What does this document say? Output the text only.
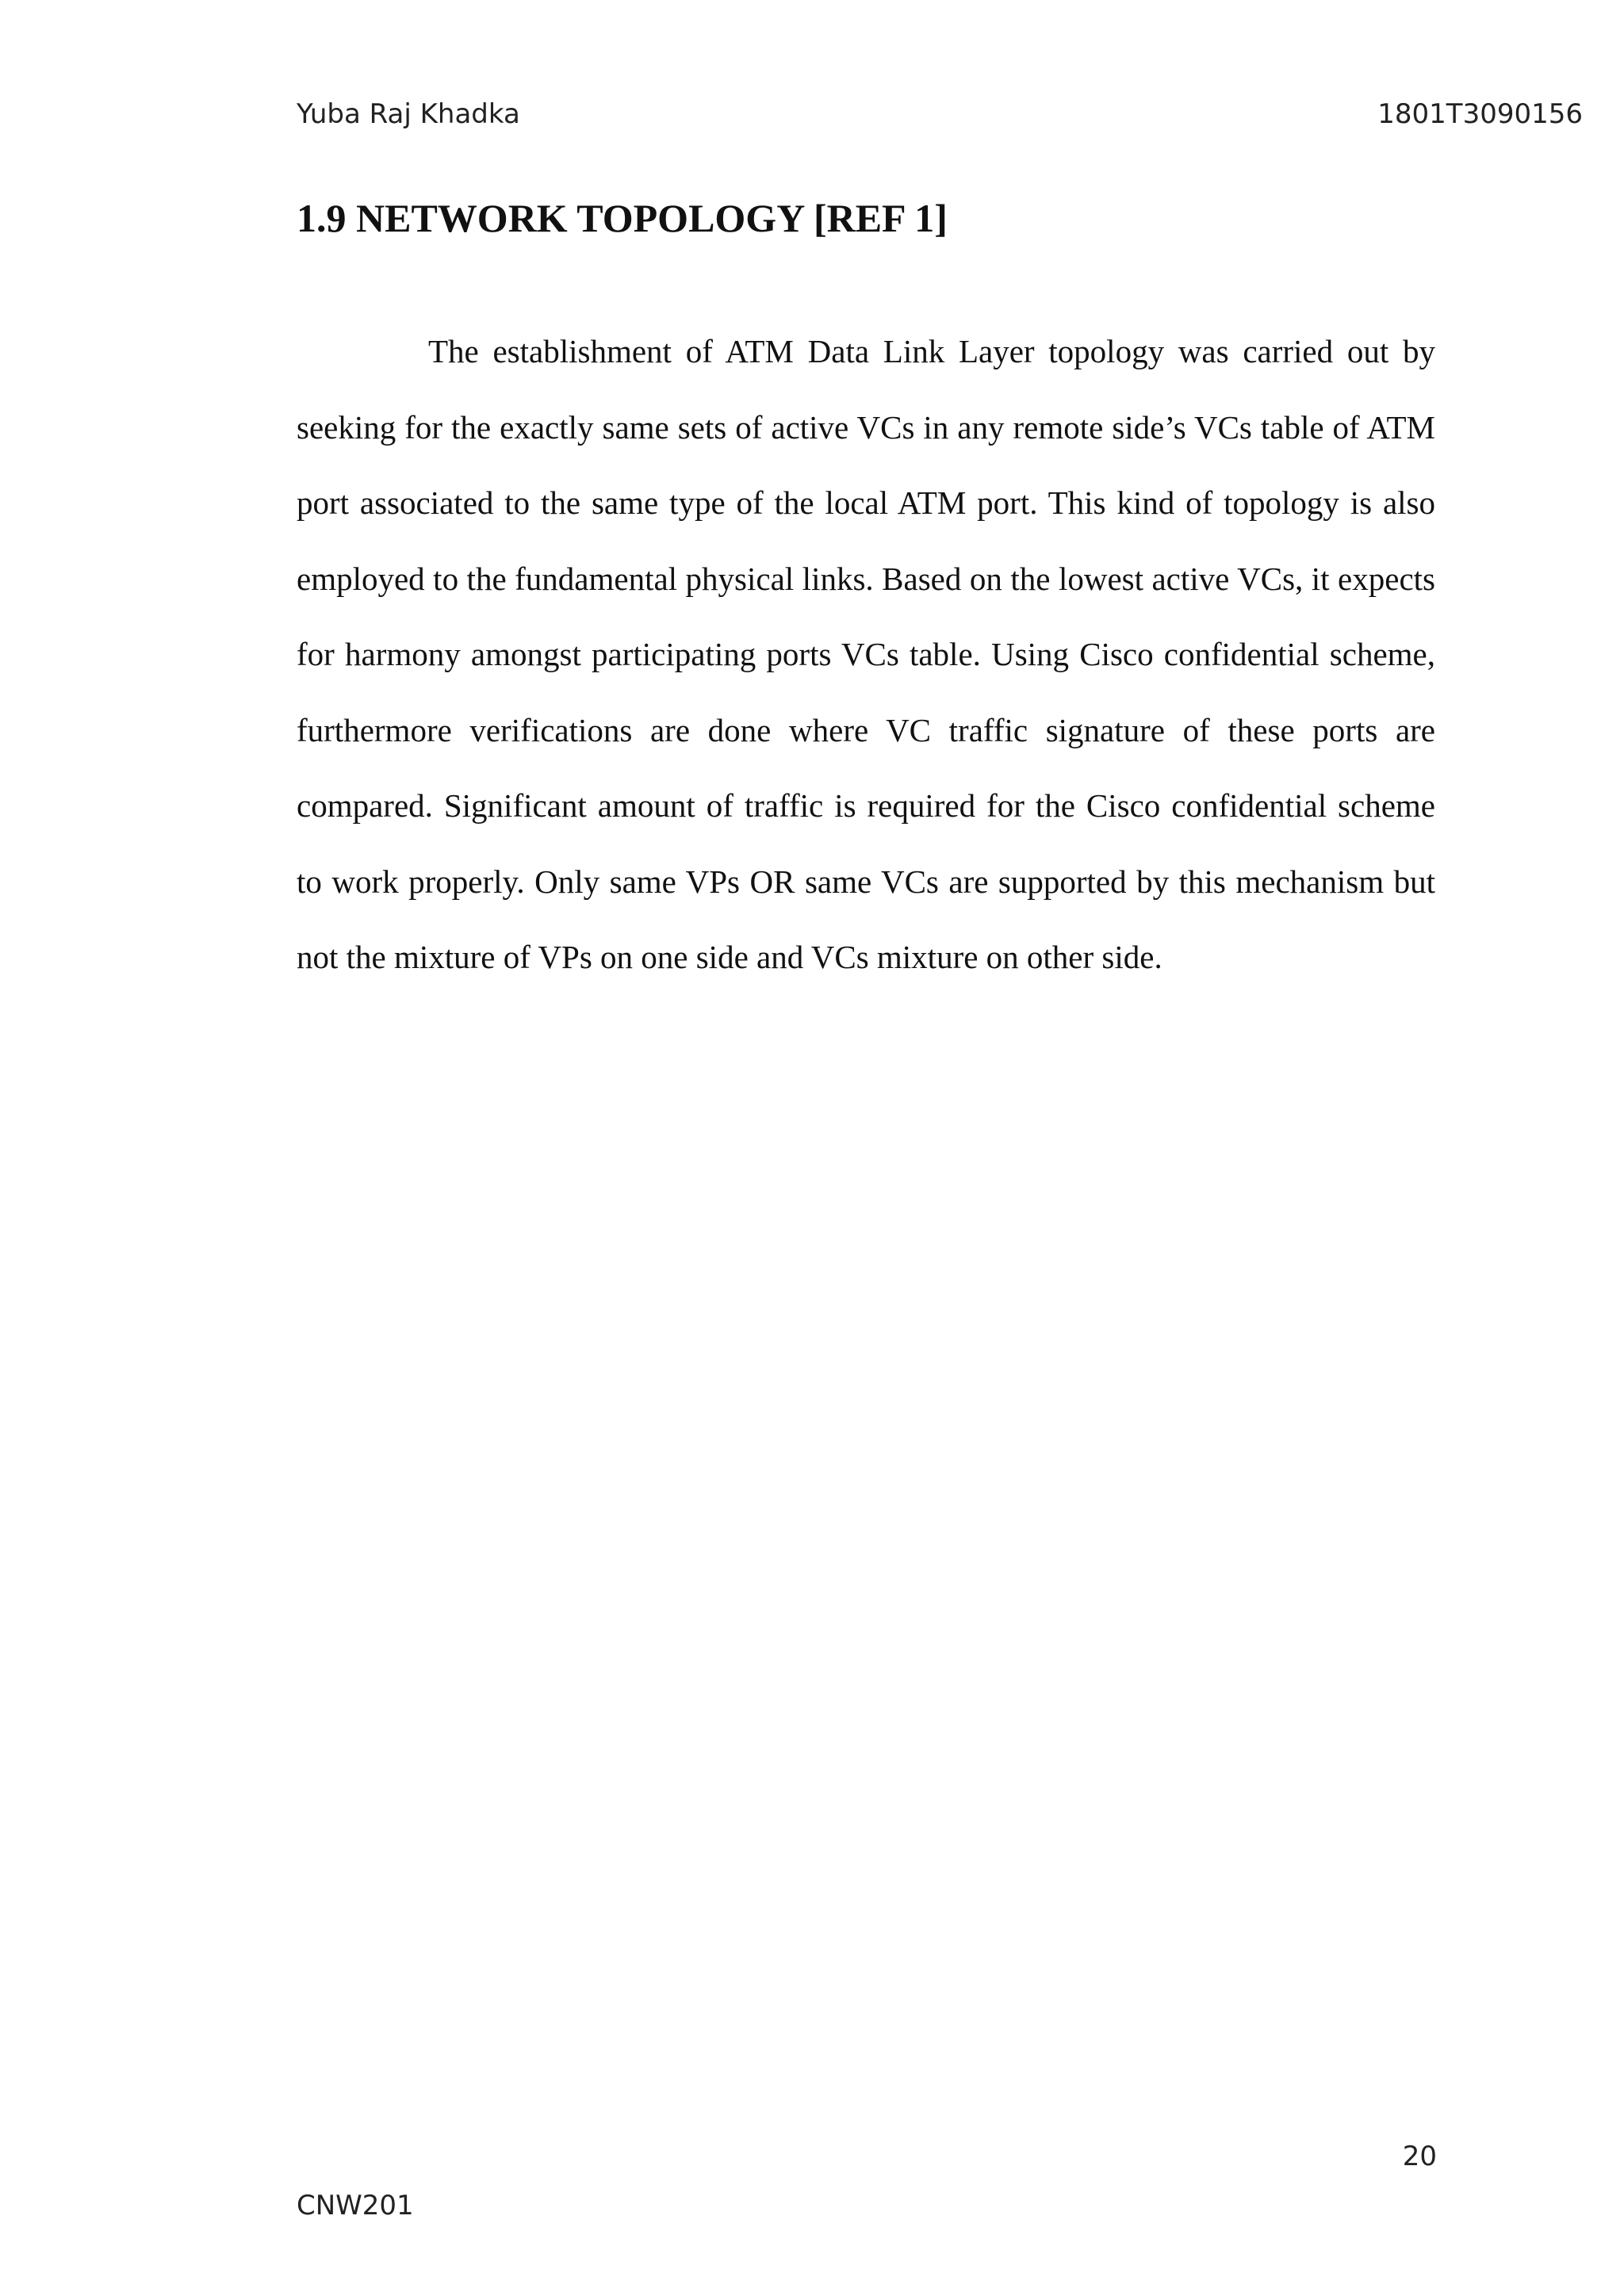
Yuba Raj Khadka	1801T3090156
1.9 NETWORK TOPOLOGY [REF 1]

The establishment of ATM Data Link Layer topology was carried out by seeking for the exactly same sets of active VCs in any remote side’s VCs table of ATM port associated to the same type of the local ATM port. This kind of topology is also employed to the fundamental physical links. Based on the lowest active VCs, it expects for harmony amongst participating ports VCs table. Using Cisco confidential scheme, furthermore verifications are done where VC traffic signature of these ports are compared. Significant amount of traffic is required for the Cisco confidential scheme to work properly. Only same VPs OR same VCs are supported by this mechanism but not the mixture of VPs on one side and VCs mixture on other side.

20
CNW201
